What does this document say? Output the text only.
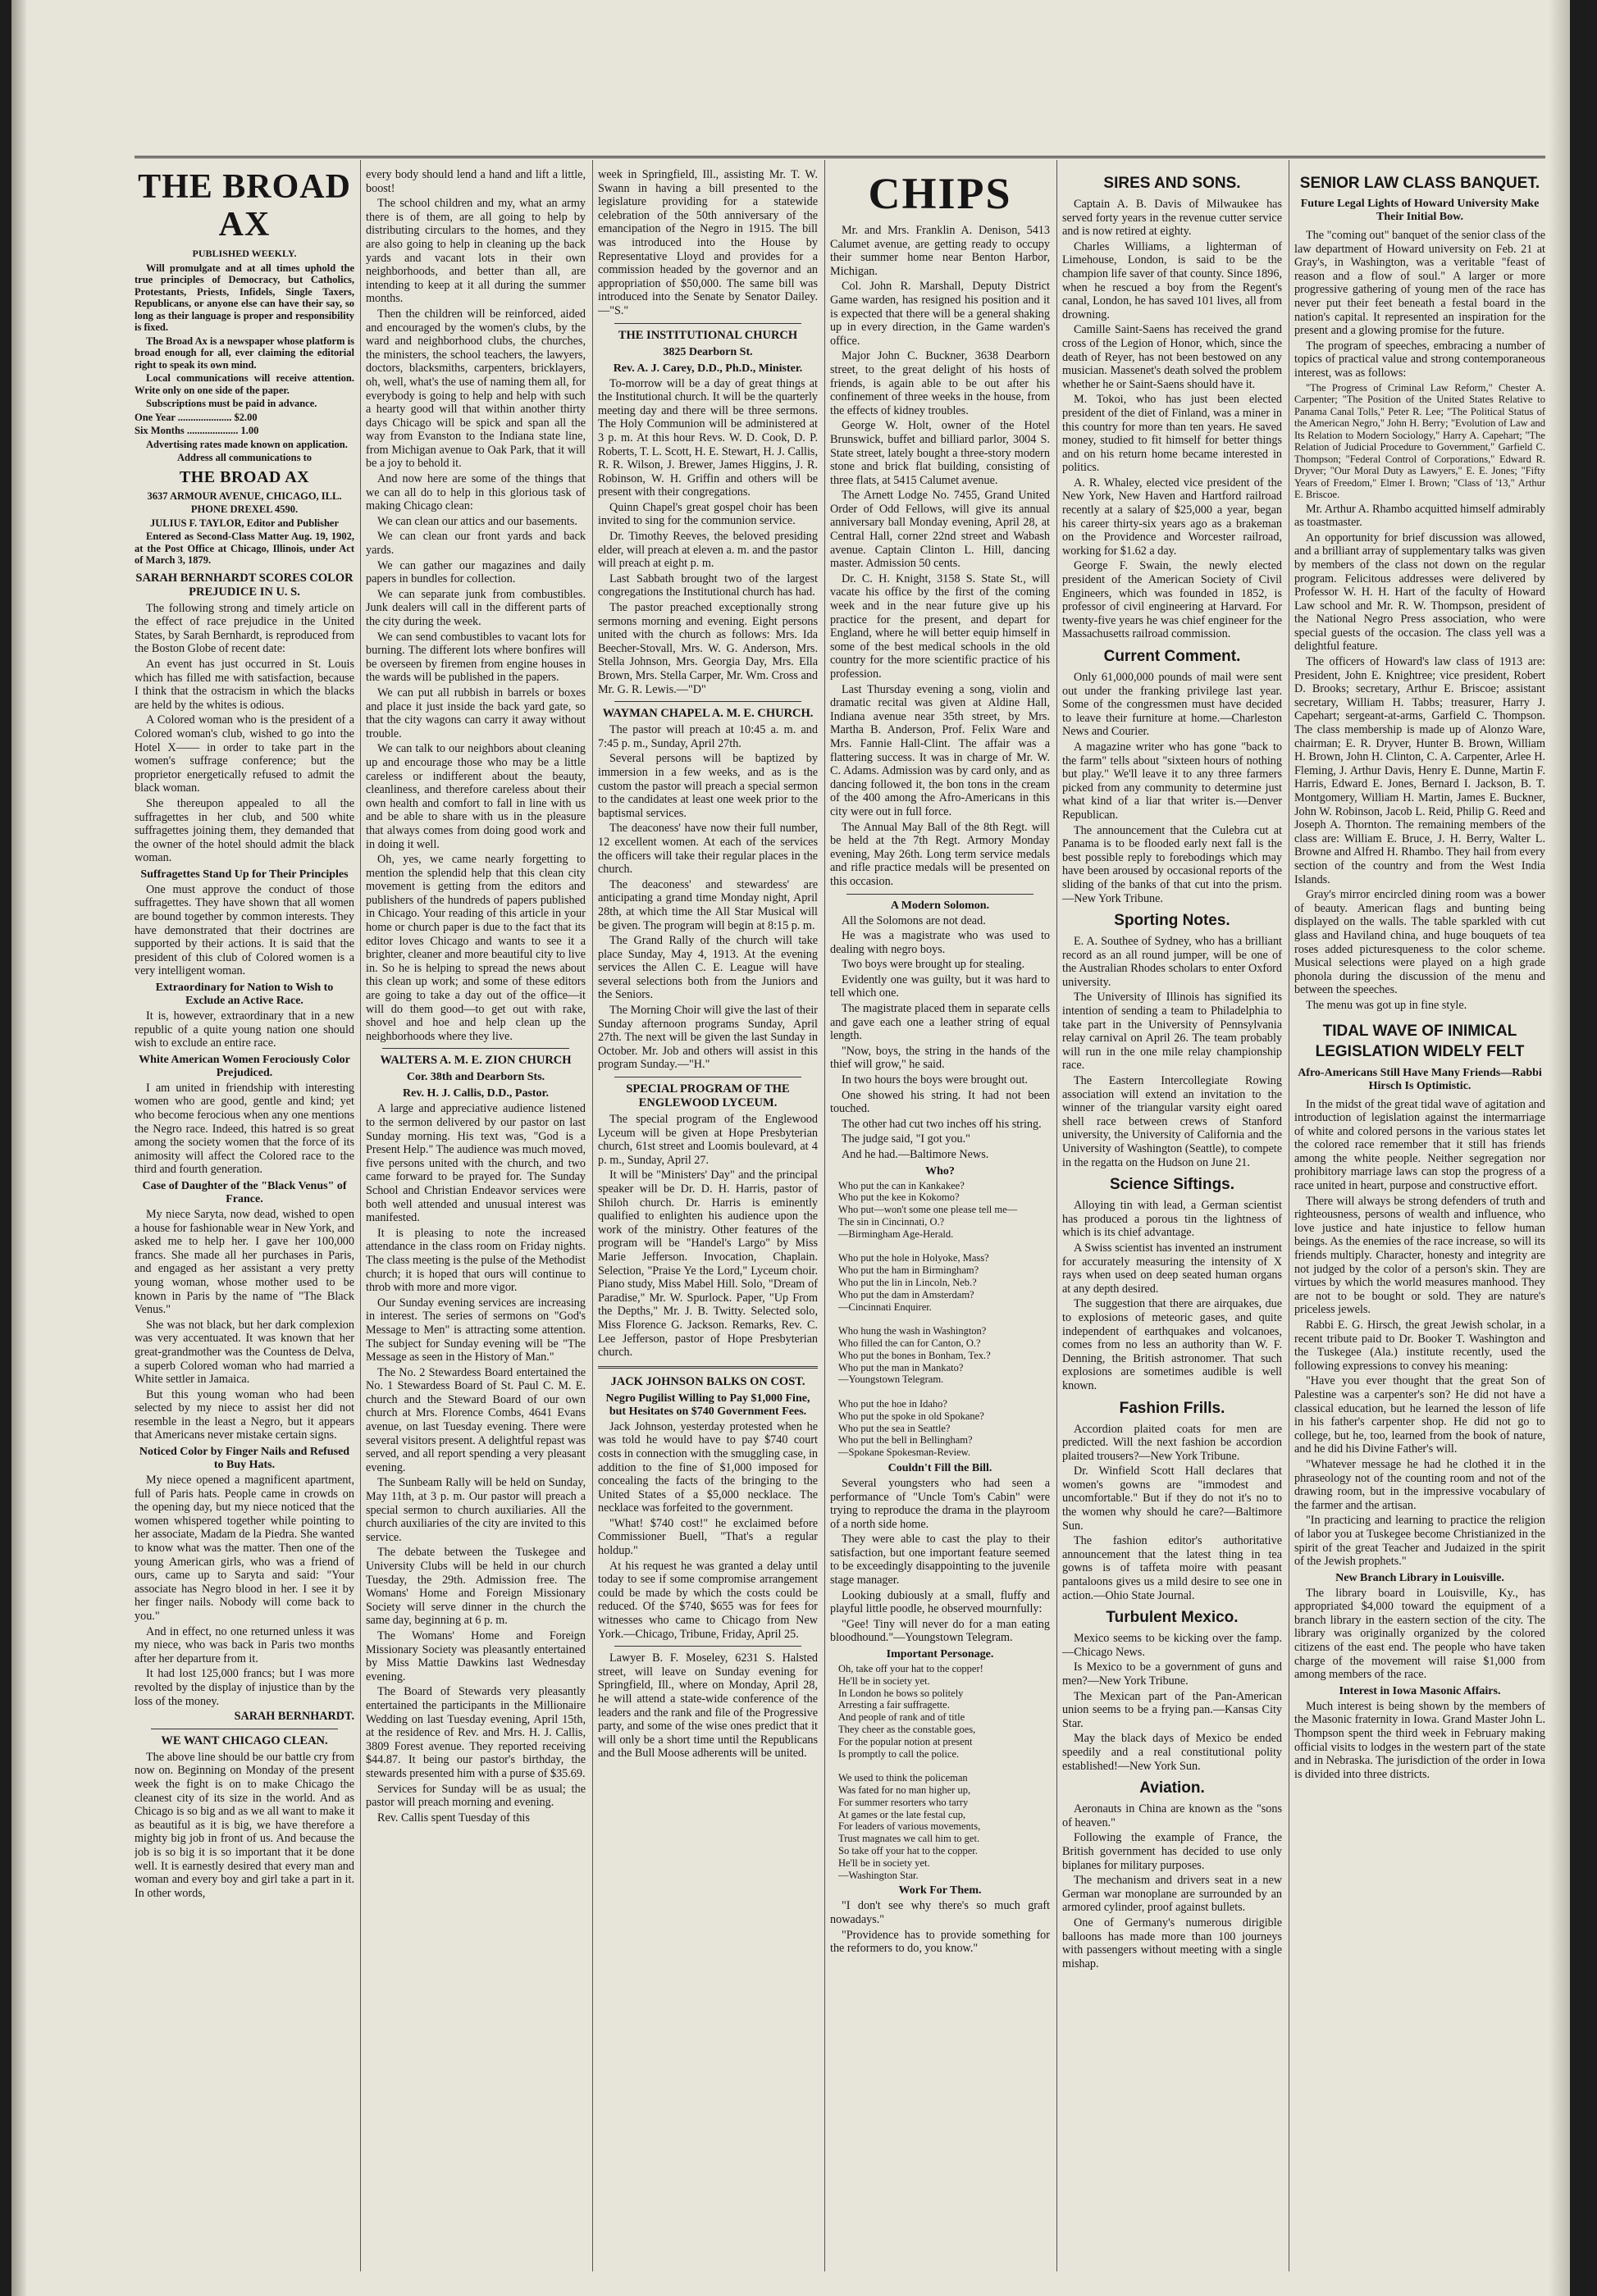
THE BROAD AX

PUBLISHED WEEKLY.

Will promulgate and at all times uphold the true principles of Democracy, but Catholics, Protestants, Priests, Infidels, Single Taxers, Republicans, or anyone else can have their say, so long as their language is proper and responsibility is fixed.

The Broad Ax is a newspaper whose platform is broad enough for all, ever claiming the editorial right to speak its own mind.

Local communications will receive attention. Write only on one side of the paper.

Subscriptions must be paid in advance.

One Year ..................... $2.00

Six Months .................... 1.00

Advertising rates made known on application.

Address all communications to

THE BROAD AX

3637 ARMOUR AVENUE, CHICAGO, ILL.

PHONE DREXEL 4590.

JULIUS F. TAYLOR, Editor and Publisher

Entered as Second-Class Matter Aug. 19, 1902, at the Post Office at Chicago, Illinois, under Act of March 3, 1879.

SARAH BERNHARDT SCORES COLOR PREJUDICE IN U. S.

The following strong and timely article on the effect of race prejudice in the United States, by Sarah Bernhardt, is reproduced from the Boston Globe of recent date:

An event has just occurred in St. Louis which has filled me with satisfaction, because I think that the ostracism in which the blacks are held by the whites is odious.

A Colored woman who is the president of a Colored woman's club, wished to go into the Hotel X—— in order to take part in the women's suffrage conference; but the proprietor energetically refused to admit the black woman.

She thereupon appealed to all the suffragettes in her club, and 500 white suffragettes joining them, they demanded that the owner of the hotel should admit the black woman.

Suffragettes Stand Up for Their Principles

One must approve the conduct of those suffragettes. They have shown that all women are bound together by common interests. They have demonstrated that their doctrines are supported by their actions. It is said that the president of this club of Colored women is a very intelligent woman.

Extraordinary for Nation to Wish to Exclude an Active Race.

It is, however, extraordinary that in a new republic of a quite young nation one should wish to exclude an entire race.

White American Women Ferociously Color Prejudiced.

I am united in friendship with interesting women who are good, gentle and kind; yet who become ferocious when any one mentions the Negro race. Indeed, this hatred is so great among the society women that the force of its animosity will affect the Colored race to the third and fourth generation.

Case of Daughter of the "Black Venus" of France.

My niece Saryta, now dead, wished to open a house for fashionable wear in New York, and asked me to help her. I gave her 100,000 francs. She made all her purchases in Paris, and engaged as her assistant a very pretty young woman, whose mother used to be known in Paris by the name of "The Black Venus."

She was not black, but her dark complexion was very accentuated. It was known that her great-grandmother was the Countess de Delva, a superb Colored woman who had married a White settler in Jamaica.

But this young woman who had been selected by my niece to assist her did not resemble in the least a Negro, but it appears that Americans never mistake certain signs.

Noticed Color by Finger Nails and Refused to Buy Hats.

My niece opened a magnificent apartment, full of Paris hats. People came in crowds on the opening day, but my niece noticed that the women whispered together while pointing to her associate, Madam de la Piedra. She wanted to know what was the matter. Then one of the young American girls, who was a friend of ours, came up to Saryta and said: "Your associate has Negro blood in her. I see it by her finger nails. Nobody will come back to you."

And in effect, no one returned unless it was my niece, who was back in Paris two months after her departure from it.

It had lost 125,000 francs; but I was more revolted by the display of injustice than by the loss of the money.

SARAH BERNHARDT.

WE WANT CHICAGO CLEAN.

The above line should be our battle cry from now on. Beginning on Monday of the present week the fight is on to make Chicago the cleanest city of its size in the world. And as Chicago is so big and as we all want to make it as beautiful as it is big, we have therefore a mighty big job in front of us. And because the job is so big it is so important that it be done well. It is earnestly desired that every man and woman and every boy and girl take a part in it. In other words,

every body should lend a hand and lift a little, boost!

The school children and my, what an army there is of them, are all going to help by distributing circulars to the homes, and they are also going to help in cleaning up the back yards and vacant lots in their own neighborhoods, and better than all, are intending to keep at it all during the summer months.

Then the children will be reinforced, aided and encouraged by the women's clubs, by the ward and neighborhood clubs, the churches, the ministers, the school teachers, the lawyers, doctors, blacksmiths, carpenters, bricklayers, oh, well, what's the use of naming them all, for everybody is going to help and help with such a hearty good will that within another thirty days Chicago will be spick and span all the way from Evanston to the Indiana state line, from Michigan avenue to Oak Park, that it will be a joy to behold it.

And now here are some of the things that we can all do to help in this glorious task of making Chicago clean:

We can clean our attics and our basements.

We can clean our front yards and back yards.

We can gather our magazines and daily papers in bundles for collection.

We can separate junk from combustibles. Junk dealers will call in the different parts of the city during the week.

We can send combustibles to vacant lots for burning. The different lots where bonfires will be overseen by firemen from engine houses in the wards will be published in the papers.

We can put all rubbish in barrels or boxes and place it just inside the back yard gate, so that the city wagons can carry it away without trouble.

We can talk to our neighbors about cleaning up and encourage those who may be a little careless or indifferent about the beauty, cleanliness, and therefore careless about their own health and comfort to fall in line with us and be able to share with us in the pleasure that always comes from doing good work and in doing it well.

Oh, yes, we came nearly forgetting to mention the splendid help that this clean city movement is getting from the editors and publishers of the hundreds of papers published in Chicago. Your reading of this article in your home or church paper is due to the fact that its editor loves Chicago and wants to see it a brighter, cleaner and more beautiful city to live in. So he is helping to spread the news about this clean up work; and some of these editors are going to take a day out of the office—it will do them good—to get out with rake, shovel and hoe and help clean up the neighborhoods where they live.

WALTERS A. M. E. ZION CHURCH
Cor. 38th and Dearborn Sts.
Rev. H. J. Callis, D.D., Pastor.

A large and appreciative audience listened to the sermon delivered by our pastor on last Sunday morning. His text was, "God is a Present Help." The audience was much moved, five persons united with the church, and two came forward to be prayed for. The Sunday School and Christian Endeavor services were both well attended and unusual interest was manifested.

It is pleasing to note the increased attendance in the class room on Friday nights. The class meeting is the pulse of the Methodist church; it is hoped that ours will continue to throb with more and more vigor.

Our Sunday evening services are increasing in interest. The series of sermons on "God's Message to Men" is attracting some attention. The subject for Sunday evening will be "The Message as seen in the History of Man."

The No. 2 Stewardess Board entertained the No. 1 Stewardess Board of St. Paul C. M. E. church and the Steward Board of our own church at Mrs. Florence Combs, 4641 Evans avenue, on last Tuesday evening. There were several visitors present. A delightful repast was served, and all report spending a very pleasant evening.

The Sunbeam Rally will be held on Sunday, May 11th, at 3 p. m. Our pastor will preach a special sermon to church auxiliaries. All the church auxiliaries of the city are invited to this service.

The debate between the Tuskegee and University Clubs will be held in our church Tuesday, the 29th. Admission free. The Womans' Home and Foreign Missionary Society will serve dinner in the church the same day, beginning at 6 p. m.

The Womans' Home and Foreign Missionary Society was pleasantly entertained by Miss Mattie Dawkins last Wednesday evening.

The Board of Stewards very pleasantly entertained the participants in the Millionaire Wedding on last Tuesday evening, April 15th, at the residence of Rev. and Mrs. H. J. Callis, 3809 Forest avenue. They reported receiving $44.87. It being our pastor's birthday, the stewards presented him with a purse of $35.69.

Services for Sunday will be as usual; the pastor will preach morning and evening.

Rev. Callis spent Tuesday of this

week in Springfield, Ill., assisting Mr. T. W. Swann in having a bill presented to the legislature providing for a statewide celebration of the 50th anniversary of the emancipation of the Negro in 1915. The bill was introduced into the House by Representative Lloyd and provides for a commission headed by the governor and an appropriation of $50,000. The same bill was introduced into the Senate by Senator Dailey.—"S."

THE INSTITUTIONAL CHURCH
3825 Dearborn St.
Rev. A. J. Carey, D.D., Ph.D., Minister.

To-morrow will be a day of great things at the Institutional church. It will be the quarterly meeting day and there will be three sermons. The Holy Communion will be administered at 3 p. m. At this hour Revs. W. D. Cook, D. P. Roberts, T. L. Scott, H. E. Stewart, H. J. Callis, R. R. Wilson, J. Brewer, James Higgins, J. R. Robinson, W. H. Griffin and others will be present with their congregations.

Quinn Chapel's great gospel choir has been invited to sing for the communion service.

Dr. Timothy Reeves, the beloved presiding elder, will preach at eleven a. m. and the pastor will preach at eight p. m.

Last Sabbath brought two of the largest congregations the Institutional church has had.

The pastor preached exceptionally strong sermons morning and evening. Eight persons united with the church as follows: Mrs. Ida Beecher-Stovall, Mrs. W. G. Anderson, Mrs. Stella Johnson, Mrs. Georgia Day, Mrs. Ella Brown, Mrs. Stella Carper, Mr. Wm. Cross and Mr. G. R. Lewis.—"D"

WAYMAN CHAPEL A. M. E. CHURCH.

The pastor will preach at 10:45 a. m. and 7:45 p. m., Sunday, April 27th.

Several persons will be baptized by immersion in a few weeks, and as is the custom the pastor will preach a special sermon to the candidates at least one week prior to the baptismal services.

The deaconess' have now their full number, 12 excellent women. At each of the services the officers will take their regular places in the church.

The deaconess' and stewardess' are anticipating a grand time Monday night, April 28th, at which time the All Star Musical will be given. The program will begin at 8:15 p. m.

The Grand Rally of the church will take place Sunday, May 4, 1913. At the evening services the Allen C. E. League will have several selections both from the Juniors and the Seniors.

The Morning Choir will give the last of their Sunday afternoon programs Sunday, April 27th. The next will be given the last Sunday in October. Mr. Job and others will assist in this program Sunday.—"H."

SPECIAL PROGRAM OF THE ENGLEWOOD LYCEUM.

The special program of the Englewood Lyceum will be given at Hope Presbyterian church, 61st street and Loomis boulevard, at 4 p. m., Sunday, April 27.

It will be "Ministers' Day" and the principal speaker will be Dr. D. H. Harris, pastor of Shiloh church. Dr. Harris is eminently qualified to enlighten his audience upon the work of the ministry. Other features of the program will be "Handel's Largo" by Miss Marie Jefferson. Invocation, Chaplain. Selection, "Praise Ye the Lord," Lyceum choir. Piano study, Miss Mabel Hill. Solo, "Dream of Paradise," Mr. W. Spurlock. Paper, "Up From the Depths," Mr. J. B. Twitty. Selected solo, Miss Florence G. Jackson. Remarks, Rev. C. Lee Jefferson, pastor of Hope Presbyterian church.

JACK JOHNSON BALKS ON COST.
Negro Pugilist Willing to Pay $1,000 Fine, but Hesitates on $740 Government Fees.

Jack Johnson, yesterday protested when he was told he would have to pay $740 court costs in connection with the smuggling case, in addition to the fine of $1,000 imposed for concealing the facts of the bringing to the United States of a $5,000 necklace. The necklace was forfeited to the government.

"What! $740 cost!" he exclaimed before Commissioner Buell, "That's a regular holdup."

At his request he was granted a delay until today to see if some compromise arrangement could be made by which the costs could be reduced. Of the $740, $655 was for fees for witnesses who came to Chicago from New York.—Chicago, Tribune, Friday, April 25.

Lawyer B. F. Moseley, 6231 S. Halsted street, will leave on Sunday evening for Springfield, Ill., where on Monday, April 28, he will attend a state-wide conference of the leaders and the rank and file of the Progressive party, and some of the wise ones predict that it will only be a short time until the Republicans and the Bull Moose adherents will be united.

CHIPS

Mr. and Mrs. Franklin A. Denison, 5413 Calumet avenue, are getting ready to occupy their summer home near Benton Harbor, Michigan.

Col. John R. Marshall, Deputy District Game warden, has resigned his position and it is expected that there will be a general shaking up in every direction, in the Game warden's office.

Major John C. Buckner, 3638 Dearborn street, to the great delight of his hosts of friends, is again able to be out after his confinement of three weeks in the house, from the effects of kidney troubles.

George W. Holt, owner of the Hotel Brunswick, buffet and billiard parlor, 3004 S. State street, lately bought a three-story modern stone and brick flat building, consisting of three flats, at 5415 Calumet avenue.

The Arnett Lodge No. 7455, Grand United Order of Odd Fellows, will give its annual anniversary ball Monday evening, April 28, at Central Hall, corner 22nd street and Wabash avenue. Captain Clinton L. Hill, dancing master. Admission 50 cents.

Dr. C. H. Knight, 3158 S. State St., will vacate his office by the first of the coming week and in the near future give up his practice for the present, and depart for England, where he will better equip himself in some of the best medical schools in the old country for the more scientific practice of his profession.

Last Thursday evening a song, violin and dramatic recital was given at Aldine Hall, Indiana avenue near 35th street, by Mrs. Martha B. Anderson, Prof. Felix Ware and Mrs. Fannie Hall-Clint. The affair was a flattering success. It was in charge of Mr. W. C. Adams. Admission was by card only, and as dancing followed it, the bon tons in the cream of the 400 among the Afro-Americans in this city were out in full force.

The Annual May Ball of the 8th Regt. will be held at the 7th Regt. Armory Monday evening, May 26th. Long term service medals and rifle practice medals will be presented on this occasion.

A Modern Solomon.

All the Solomons are not dead.

He was a magistrate who was used to dealing with negro boys.

Two boys were brought up for stealing.

Evidently one was guilty, but it was hard to tell which one.

The magistrate placed them in separate cells and gave each one a leather string of equal length.

"Now, boys, the string in the hands of the thief will grow," he said.

In two hours the boys were brought out.

One showed his string. It had not been touched.

The other had cut two inches off his string.

The judge said, "I got you."

And he had.—Baltimore News.

Who?

Who put the can in Kankakee?
Who put the kee in Kokomo?
Who put—won't some one please tell me—
The sin in Cincinnati, O.?
—Birmingham Age-Herald.

Who put the hole in Holyoke, Mass?
Who put the ham in Birmingham?
Who put the lin in Lincoln, Neb.?
Who put the dam in Amsterdam?
—Cincinnati Enquirer.

Who hung the wash in Washington?
Who filled the can for Canton, O.?
Who put the bones in Bonham, Tex.?
Who put the man in Mankato?
—Youngstown Telegram.

Who put the hoe in Idaho?
Who put the spoke in old Spokane?
Who put the sea in Seattle?
Who put the bell in Bellingham?
—Spokane Spokesman-Review.

Couldn't Fill the Bill.

Several youngsters who had seen a performance of "Uncle Tom's Cabin" were trying to reproduce the drama in the playroom of a north side home.

They were able to cast the play to their satisfaction, but one important feature seemed to be exceedingly disappointing to the juvenile stage manager.

Looking dubiously at a small, fluffy and playful little poodle, he observed mournfully:

"Gee! Tiny will never do for a man eating bloodhound."—Youngstown Telegram.

Important Personage.

Oh, take off your hat to the copper!
He'll be in society yet.
In London he bows so politely
Arresting a fair suffragette.
And people of rank and of title
They cheer as the constable goes,
For the popular notion at present
Is promptly to call the police.

We used to think the policeman
Was fated for no man higher up,
For summer resorters who tarry
At games or the late festal cup,
For leaders of various movements,
Trust magnates we call him to get.
So take off your hat to the copper.
He'll be in society yet.
—Washington Star.

Work For Them.

"I don't see why there's so much graft nowadays."

"Providence has to provide something for the reformers to do, you know."

SIRES AND SONS.

Captain A. B. Davis of Milwaukee has served forty years in the revenue cutter service and is now retired at eighty.

Charles Williams, a lighterman of Limehouse, London, is said to be the champion life saver of that county. Since 1896, when he rescued a boy from the Regent's canal, London, he has saved 101 lives, all from drowning.

Camille Saint-Saens has received the grand cross of the Legion of Honor, which, since the death of Reyer, has not been bestowed on any musician. Massenet's death solved the problem whether he or Saint-Saens should have it.

M. Tokoi, who has just been elected president of the diet of Finland, was a miner in this country for more than ten years. He saved money, studied to fit himself for better things and on his return home became interested in politics.

A. R. Whaley, elected vice president of the New York, New Haven and Hartford railroad recently at a salary of $25,000 a year, began his career thirty-six years ago as a brakeman on the Providence and Worcester railroad, working for $1.62 a day.

George F. Swain, the newly elected president of the American Society of Civil Engineers, which was founded in 1852, is professor of civil engineering at Harvard. For twenty-five years he was chief engineer for the Massachusetts railroad commission.

Current Comment.

Only 61,000,000 pounds of mail were sent out under the franking privilege last year. Some of the congressmen must have decided to leave their furniture at home.—Charleston News and Courier.

A magazine writer who has gone "back to the farm" tells about "sixteen hours of nothing but play." We'll leave it to any three farmers picked from any community to determine just what kind of a liar that writer is.—Denver Republican.

The announcement that the Culebra cut at Panama is to be flooded early next fall is the best possible reply to forebodings which may have been aroused by occasional reports of the sliding of the banks of that cut into the prism.—New York Tribune.

Sporting Notes.

E. A. Southee of Sydney, who has a brilliant record as an all round jumper, will be one of the Australian Rhodes scholars to enter Oxford university.

The University of Illinois has signified its intention of sending a team to Philadelphia to take part in the University of Pennsylvania relay carnival on April 26. The team probably will run in the one mile relay championship race.

The Eastern Intercollegiate Rowing association will extend an invitation to the winner of the triangular varsity eight oared shell race between crews of Stanford university, the University of California and the University of Washington (Seattle), to compete in the regatta on the Hudson on June 21.

Science Siftings.

Alloying tin with lead, a German scientist has produced a porous tin the lightness of which is its chief advantage.

A Swiss scientist has invented an instrument for accurately measuring the intensity of X rays when used on deep seated human organs at any depth desired.

The suggestion that there are airquakes, due to explosions of meteoric gases, and quite independent of earthquakes and volcanoes, comes from no less an authority than W. F. Denning, the British astronomer. That such explosions are sometimes audible is well known.

Fashion Frills.

Accordion plaited coats for men are predicted. Will the next fashion be accordion plaited trousers?—New York Tribune.

Dr. Winfield Scott Hall declares that women's gowns are "immodest and uncomfortable." But if they do not it's no to the women why should he care?—Baltimore Sun.

The fashion editor's authoritative announcement that the latest thing in tea gowns is of taffeta moire with peasant pantaloons gives us a mild desire to see one in action.—Ohio State Journal.

Turbulent Mexico.

Mexico seems to be kicking over the famp.—Chicago News.

Is Mexico to be a government of guns and men?—New York Tribune.

The Mexican part of the Pan-American union seems to be a frying pan.—Kansas City Star.

May the black days of Mexico be ended speedily and a real constitutional polity established!—New York Sun.

Aviation.

Aeronauts in China are known as the "sons of heaven."

Following the example of France, the British government has decided to use only biplanes for military purposes.

The mechanism and drivers seat in a new German war monoplane are surrounded by an armored cylinder, proof against bullets.

One of Germany's numerous dirigible balloons has made more than 100 journeys with passengers without meeting with a single mishap.

SENIOR LAW CLASS BANQUET.
Future Legal Lights of Howard University Make Their Initial Bow.

The "coming out" banquet of the senior class of the law department of Howard university on Feb. 21 at Gray's, in Washington, was a veritable "feast of reason and a flow of soul." A larger or more progressive gathering of young men of the race has never put their feet beneath a festal board in the nation's capital. It represented an inspiration for the present and a glowing promise for the future.

The program of speeches, embracing a number of topics of practical value and strong contemporaneous interest, was as follows:

"The Progress of Criminal Law Reform," Chester A. Carpenter; "The Position of the United States Relative to Panama Canal Tolls," Peter R. Lee; "The Political Status of the American Negro," John H. Berry; "Evolution of Law and Its Relation to Modern Sociology," Harry A. Capehart; "The Relation of Judicial Procedure to Government," Garfield C. Thompson; "Federal Control of Corporations," Edward R. Dryver; "Our Moral Duty as Lawyers," E. E. Jones; "Fifty Years of Freedom," Elmer I. Brown; "Class of '13," Arthur E. Briscoe.

Mr. Arthur A. Rhambo acquitted himself admirably as toastmaster.

An opportunity for brief discussion was allowed, and a brilliant array of supplementary talks was given by members of the class not down on the regular program. Felicitous addresses were delivered by Professor W. H. H. Hart of the faculty of Howard Law school and Mr. R. W. Thompson, president of the National Negro Press association, who were special guests of the occasion. The class yell was a delightful feature.

The officers of Howard's law class of 1913 are: President, John E. Knightree; vice president, Robert D. Brooks; secretary, Arthur E. Briscoe; assistant secretary, William H. Tabbs; treasurer, Harry J. Capehart; sergeant-at-arms, Garfield C. Thompson. The class membership is made up of Alonzo Ware, chairman; E. R. Dryver, Hunter B. Brown, William H. Brown, John H. Clinton, C. A. Carpenter, Arlee H. Fleming, J. Arthur Davis, Henry E. Dunne, Martin F. Harris, Edward E. Jones, Bernard I. Jackson, B. T. Montgomery, William H. Martin, James E. Buckner, John W. Robinson, Jacob L. Reid, Philip G. Reed and Joseph A. Thornton. The remaining members of the class are: William E. Bruce, J. H. Berry, Walter L. Browne and Alfred H. Rhambo. They hail from every section of the country and from the West India Islands.

Gray's mirror encircled dining room was a bower of beauty. American flags and bunting being displayed on the walls. The table sparkled with cut glass and Haviland china, and huge bouquets of tea roses added picturesqueness to the color scheme. Musical selections were played on a high grade phonola during the discussion of the menu and between the speeches.

The menu was got up in fine style.

TIDAL WAVE OF INIMICAL LEGISLATION WIDELY FELT
Afro-Americans Still Have Many Friends—Rabbi Hirsch Is Optimistic.

In the midst of the great tidal wave of agitation and introduction of legislation against the intermarriage of white and colored persons in the various states let the colored race remember that it still has friends among the white people. Neither segregation nor prohibitory marriage laws can stop the progress of a race united in heart, purpose and constructive effort.

There will always be strong defenders of truth and righteousness, persons of wealth and influence, who love justice and hate injustice to fellow human beings. As the enemies of the race increase, so will its friends multiply. Character, honesty and integrity are not judged by the color of a person's skin. They are virtues by which the world measures manhood. They are not to be bought or sold. They are nature's priceless jewels.

Rabbi E. G. Hirsch, the great Jewish scholar, in a recent tribute paid to Dr. Booker T. Washington and the Tuskegee (Ala.) institute recently, used the following expressions to convey his meaning:

"Have you ever thought that the great Son of Palestine was a carpenter's son? He did not have a classical education, but he learned the lesson of life in his father's carpenter shop. He did not go to college, but he, too, learned from the book of nature, and he did his Divine Father's will.

"Whatever message he had he clothed it in the phraseology not of the counting room and not of the drawing room, but in the impressive vocabulary of the farmer and the artisan.

"In practicing and learning to practice the religion of labor you at Tuskegee become Christianized in the spirit of the great Teacher and Judaized in the spirit of the Jewish prophets."

New Branch Library in Louisville.

The library board in Louisville, Ky., has appropriated $4,000 toward the equipment of a branch library in the eastern section of the city. The library was originally organized by the colored citizens of the east end. The people who have taken charge of the movement will raise $1,000 from among members of the race.

Interest in Iowa Masonic Affairs.

Much interest is being shown by the members of the Masonic fraternity in Iowa. Grand Master John L. Thompson spent the third week in February making official visits to lodges in the western part of the state and in Nebraska. The jurisdiction of the order in Iowa is divided into three districts.
